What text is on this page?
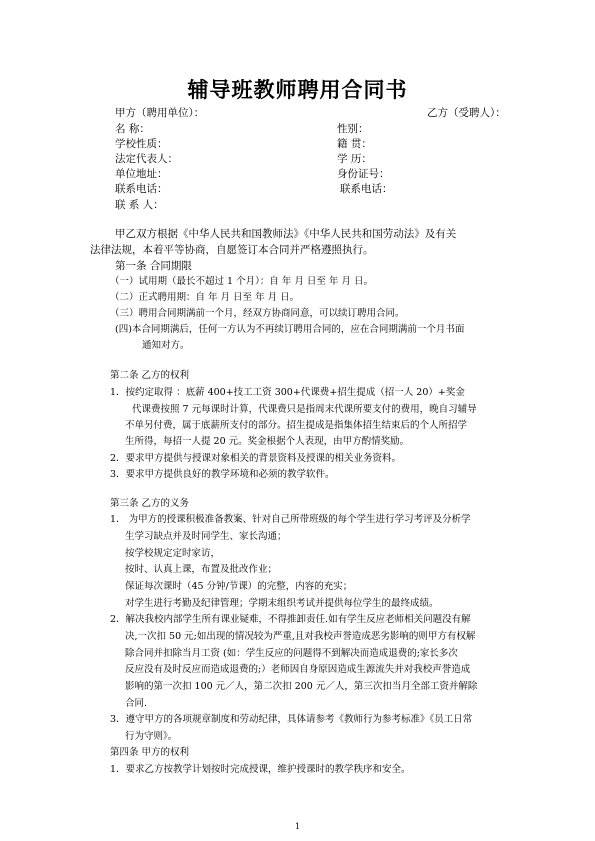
辅导班教师聘用合同书
甲方（聘用单位）：	乙方（受聘人）：
名 称：
学校性质：
法定代表人：
单位地址：
联系电话：
联 系 人：
性别：
籍 贯：
学 历：
身份证号：
联系电话：
甲乙双方根据《中华人民共和国教师法》《中华人民共和国劳动法》及有关
法律法规，本着平等协商，自愿签订本合同并严格遵照执行。
第一条 合同期限
（一）试用期（最长不超过 1 个月）：自 年 月 日至 年 月 日。
（二）正式聘用期：自 年 月 日至 年 月 日。
（三）聘用合同期满前一个月，经双方协商同意，可以续订聘用合同。
(四)本合同期满后，任何一方认为不再续订聘用合同的，应在合同期满前一个月书面
通知对方。
第二条 乙方的权利
1．按约定取得 ：底薪 400+技工工资 300+代课费+招生提成（招一人 20）+奖金
代课费按照 7 元每课时计算，代课费只是指周末代课所要支付的费用，晚自习辅导
不单另付费，属于底薪所支付的部分。招生提成是指集体招生结束后的个人所招学
生所得，每招一人提 20 元。奖金根据个人表现，由甲方酌情奖励。
2．要求甲方提供与授课对象相关的背景资料及授课的相关业务资料。
3．要求甲方提供良好的教学环境和必须的教学软件。
第三条 乙方的义务
1． 为甲方的授课积极准备教案、针对自己所带班级的每个学生进行学习考评及分析学
生学习缺点并及时同学生、家长沟通；
按学校规定定时家访，
按时、认真上课，布置及批改作业；
保证每次课时（45 分钟/节课）的完整，内容的充实；
对学生进行考勤及纪律管理；学期末组织考试并提供每位学生的最终成绩。
2．解决我校内部学生所有课业疑难，不得推卸责任.如有学生反应老师相关问题没有解
决,一次扣 50 元;如出现的情况较为严重,且对我校声誉造成恶劣影响的则甲方有权解
除合同并扣除当月工资 (如：学生反应的问题得不到解决而造成退费的;家长多次
反应没有及时反应而造成退费的;）老师因自身原因造成生源流失并对我校声誉造成
影响的第一次扣 100 元／人，第二次扣 200 元／人，第三次扣当月全部工资并解除
合同.
3．遵守甲方的各项规章制度和劳动纪律，具体请参考《教师行为参考标准》《员工日常
行为守则》。
第四条 甲方的权利
1．要求乙方按教学计划按时完成授课，维护授课时的教学秩序和安全。
1
